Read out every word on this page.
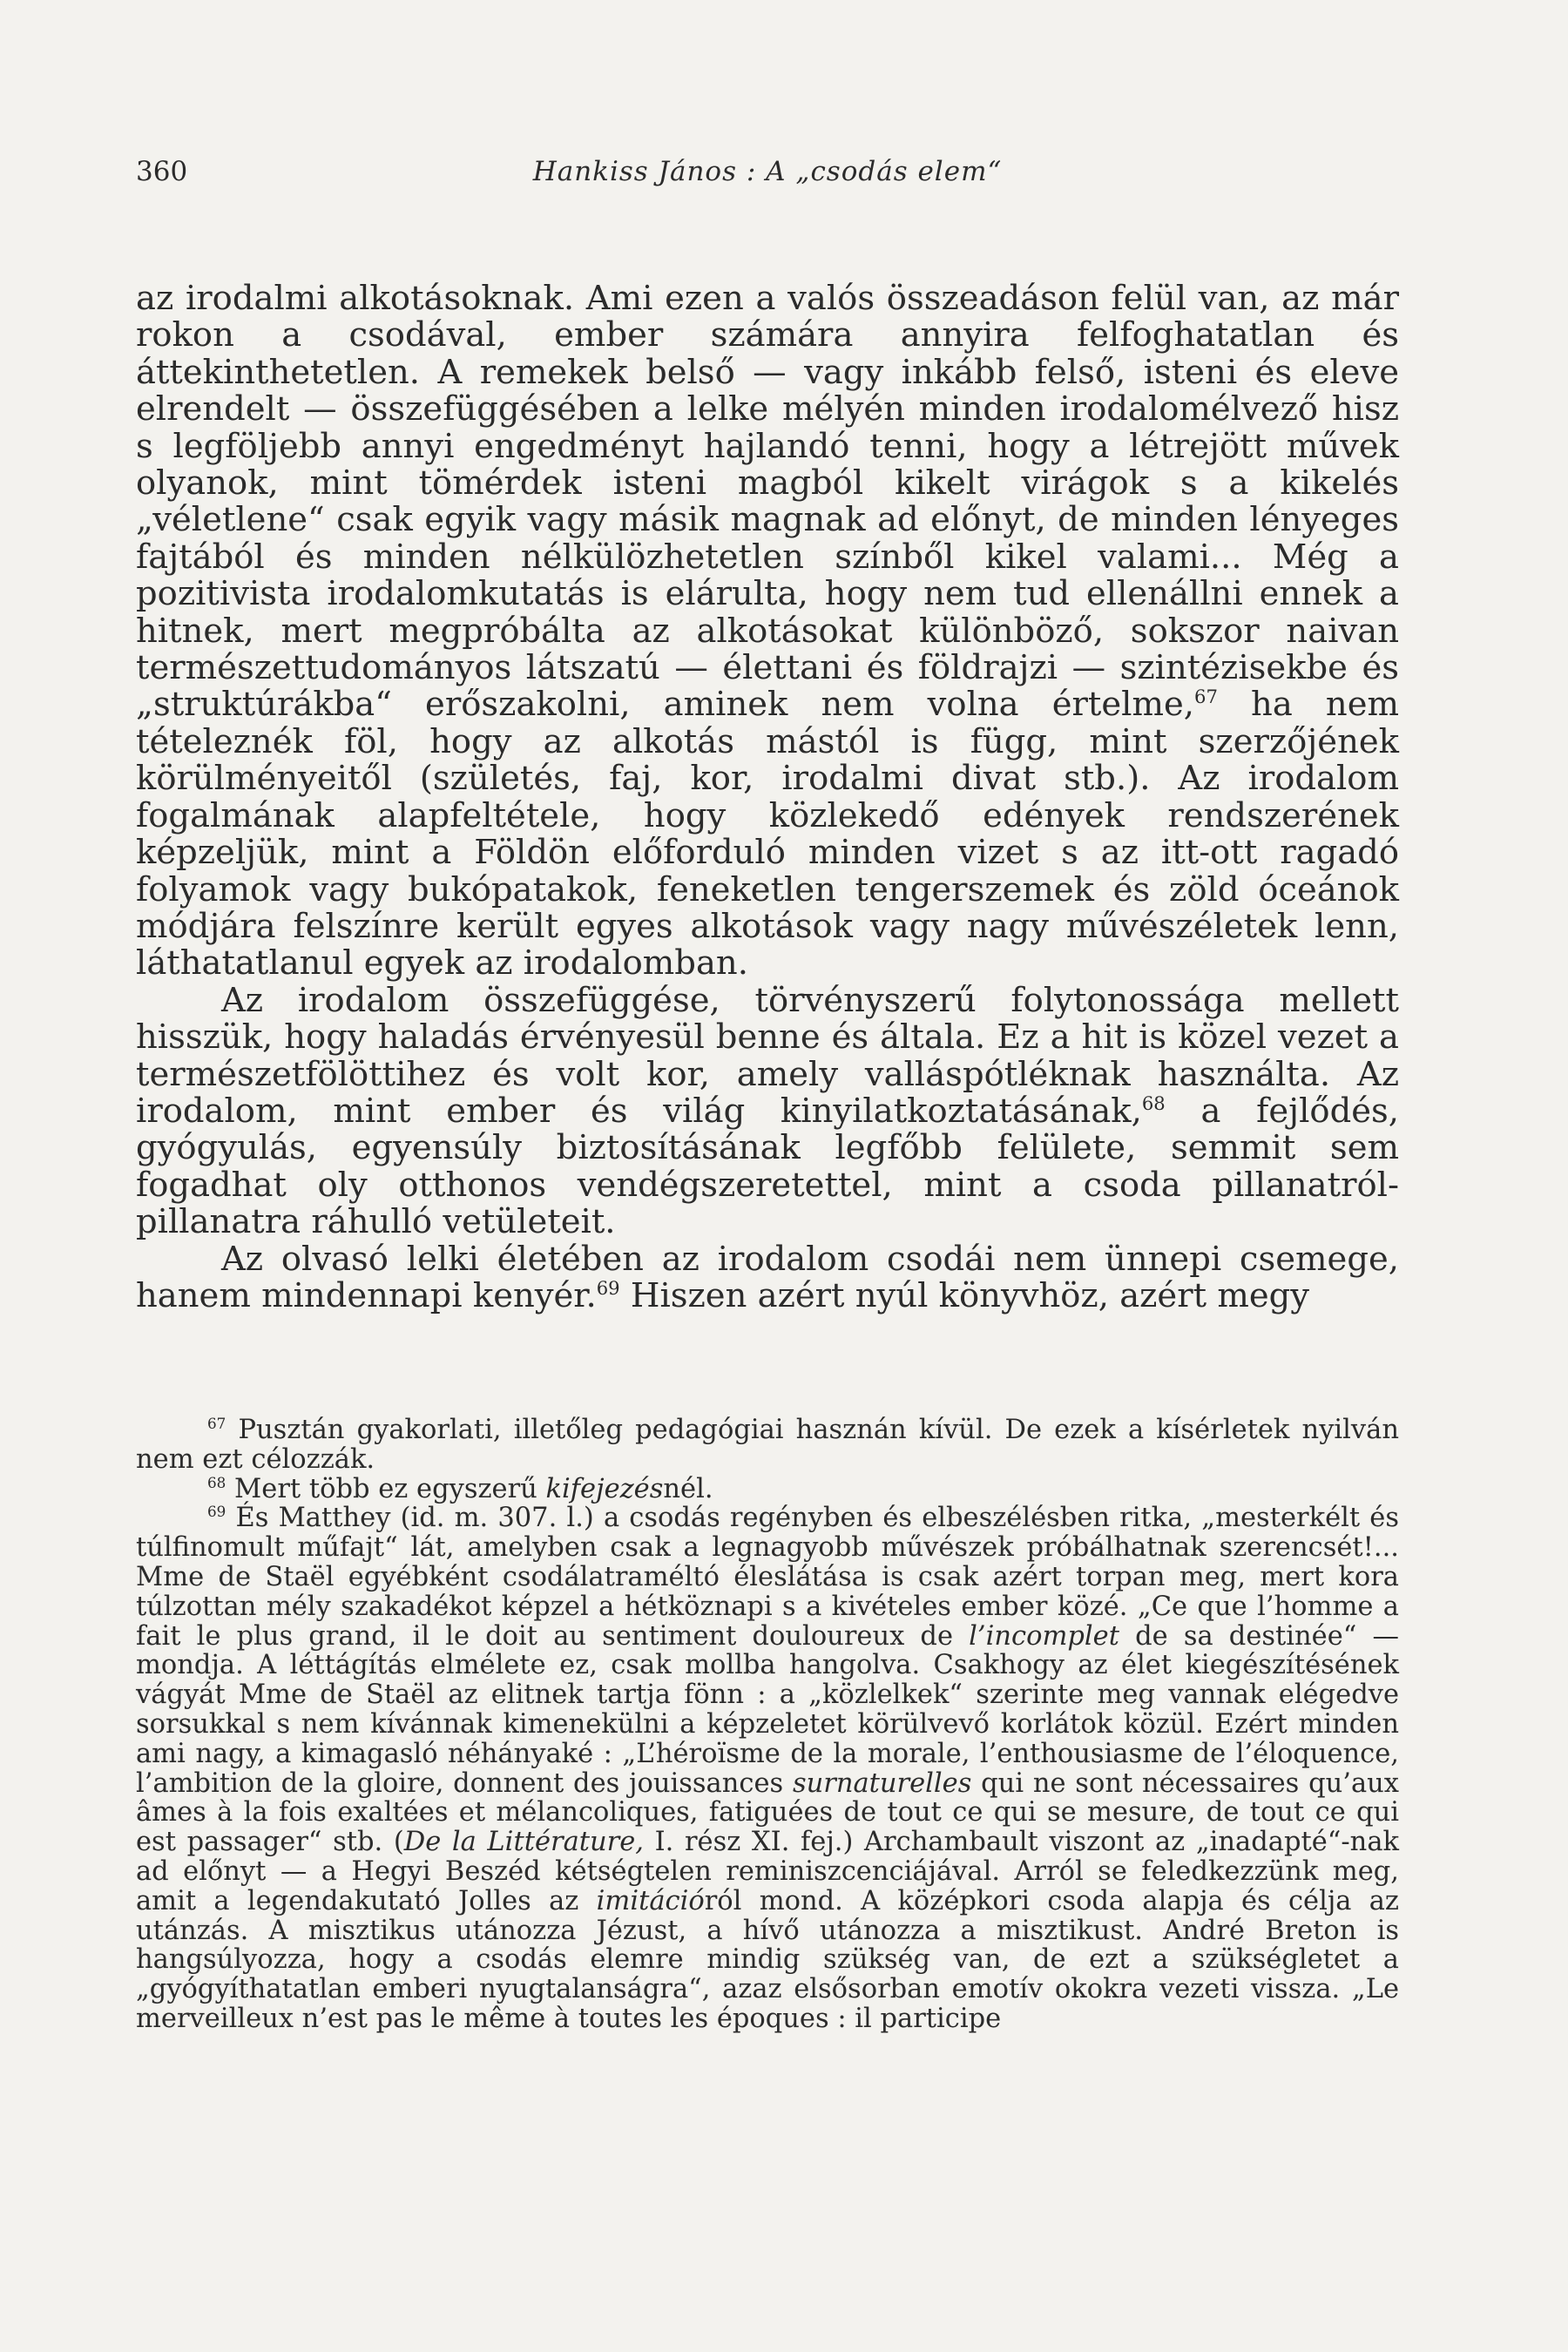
360	Hankiss János : A „csodás elem“

az irodalmi alkotásoknak. Ami ezen a valós összeadáson felül van, az már rokon a csodával, ember számára annyira felfoghatatlan és áttekinthetetlen. A remekek belső — vagy inkább felső, isteni és eleve elrendelt — összefüggésében a lelke mélyén minden irodalomélvező hisz s legföljebb annyi engedményt hajlandó tenni, hogy a létrejött művek olyanok, mint tömérdek isteni magból kikelt virágok s a kikelés „véletlene“ csak egyik vagy másik magnak ad előnyt, de minden lényeges fajtából és minden nélkülözhetetlen színből kikel valami... Még a pozitivista irodalomkutatás is elárulta, hogy nem tud ellenállni ennek a hitnek, mert megpróbálta az alkotásokat különböző, sokszor naivan természettudományos látszatú — élettani és földrajzi — szintézisekbe és „struktúrákba“ erőszakolni, aminek nem volna értelme,$^{67}$ ha nem tételeznék föl, hogy az alkotás mástól is függ, mint szerzőjének körülményeitől (születés, faj, kor, irodalmi divat stb.). Az irodalom fogalmának alapfeltétele, hogy közlekedő edények rendszerének képzeljük, mint a Földön előforduló minden vizet s az itt-ott ragadó folyamok vagy bukópatakok, feneketlen tengerszemek és zöld óceánok módjára felszínre került egyes alkotások vagy nagy művészéletek lenn, láthatatlanul egyek az irodalomban.

Az irodalom összefüggése, törvényszerű folytonossága mellett hisszük, hogy haladás érvényesül benne és általa. Ez a hit is közel vezet a természetfölöttihez és volt kor, amely valláspótléknak használta. Az irodalom, mint ember és világ kinyilatkoztatásának,$^{68}$ a fejlődés, gyógyulás, egyensúly biztosításának legfőbb felülete, semmit sem fogadhat oly otthonos vendégszeretettel, mint a csoda pillanatról-pillanatra ráhulló vetületeit.

Az olvasó lelki életében az irodalom csodái nem ünnepi csemege, hanem mindennapi kenyér.$^{69}$ Hiszen azért nyúl könyvhöz, azért megy

$^{67}$ Pusztán gyakorlati, illetőleg pedagógiai hasznán kívül. De ezek a kísérletek nyilván nem ezt célozzák.

$^{68}$ Mert több ez egyszerű kifejezésnél.

$^{69}$ És Matthey (id. m. 307. l.) a csodás regényben és elbeszélésben ritka, „mesterkélt és túlfinomult műfajt“ lát, amelyben csak a legnagyobb művészek próbálhatnak szerencsét!... Mme de Staël egyébként csodálatraméltó éleslátása is csak azért torpan meg, mert kora túlzottan mély szakadékot képzel a hétköznapi s a kivételes ember közé. „Ce que l’homme a fait le plus grand, il le doit au sentiment douloureux de l’incomplet de sa destinée“ — mondja. A léttágítás elmélete ez, csak mollba hangolva. Csakhogy az élet kiegészítésének vágyát Mme de Staël az elitnek tartja fönn : a „közlelkek“ szerinte meg vannak elégedve sorsukkal s nem kívánnak kimenekülni a képzeletet körülvevő korlátok közül. Ezért minden ami nagy, a kimagasló néhányaké : „L’héroïsme de la morale, l’enthousiasme de l’éloquence, l’ambition de la gloire, donnent des jouissances surnaturelles qui ne sont nécessaires qu’aux âmes à la fois exaltées et mélancoliques, fatiguées de tout ce qui se mesure, de tout ce qui est passager“ stb. (De la Littérature, I. rész XI. fej.) Archambault viszont az „inadapté“-nak ad előnyt — a Hegyi Beszéd kétségtelen reminiszcenciájával. Arról se feledkezzünk meg, amit a legendakutató Jolles az imitációról mond. A középkori csoda alapja és célja az utánzás. A misztikus utánozza Jézust, a hívő utánozza a misztikust. André Breton is hangsúlyozza, hogy a csodás elemre mindig szükség van, de ezt a szükségletet a „gyógyíthatatlan emberi nyugtalanságra“, azaz elsősorban emotív okokra vezeti vissza. „Le merveilleux n’est pas le même à toutes les époques : il participe
